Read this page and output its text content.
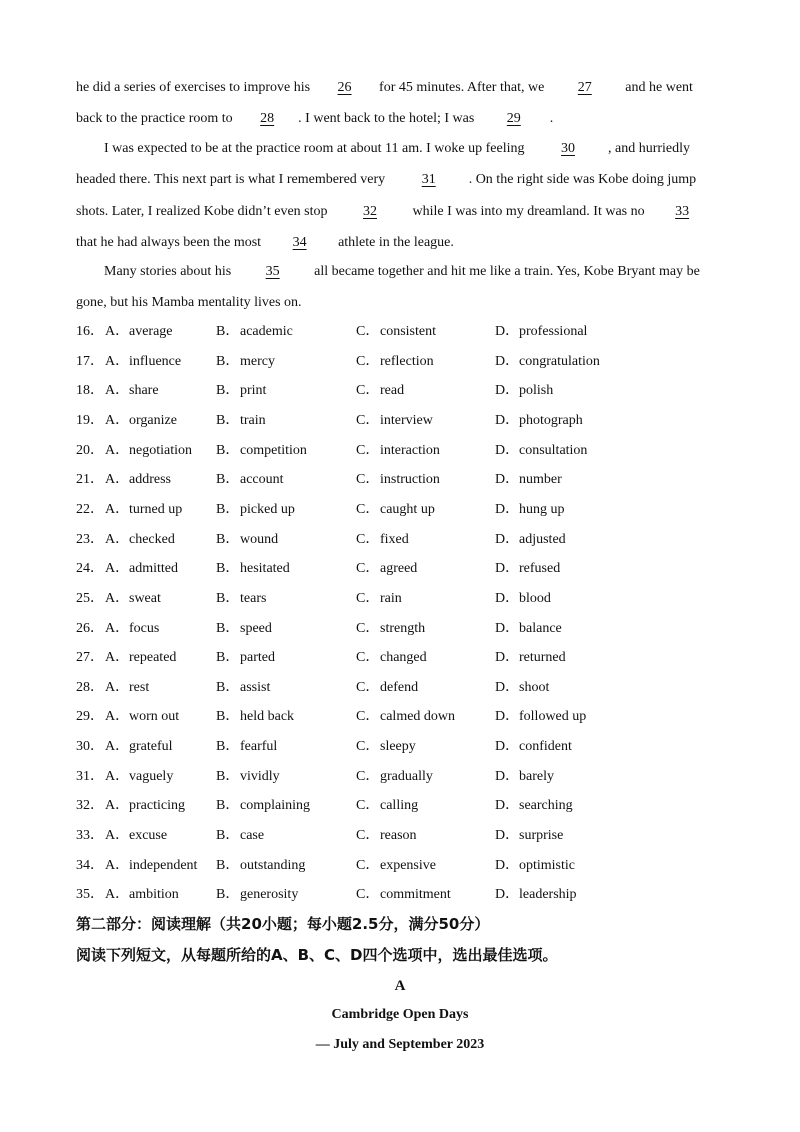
he did a series of exercises to improve his 26 for 45 minutes. After that, we 27 and he went
back to the practice room to 28 . I went back to the hotel; I was 29 .
I was expected to be at the practice room at about 11 am. I woke up feeling 30 , and hurriedly
headed there. This next part is what I remembered very 31 . On the right side was Kobe doing jump
shots. Later, I realized Kobe didn’t even stop 32 while I was into my dreamland. It was no 33
that he had always been the most 34 athlete in the league.
Many stories about his 35 all became together and hit me like a train. Yes, Kobe Bryant may be
gone, but his Mamba mentality lives on.
16． A．average	B．academic	C．consistent	D．professional
17． A．influence B．mercy	C．reflection	D．congratulation
18． A．share	B．print	C．read	D．polish
19． A．organize	B．train	C．interview	D．photograph
20． A．negotiation B．competition	C．interaction	D．consultation
21． A．address	B．account	C．instruction	D．number
22． A．turned up B．picked up	C．caught up	D．hung up
23． A．checked	B．wound	C．fixed	D．adjusted
24． A．admitted	B．hesitated	C．agreed	D．refused
25． A．sweat	B．tears	C．rain	D．blood
26． A．focus	B．speed	C．strength	D．balance
27． A．repeated	B．parted	C．changed	D．returned
28． A．rest	B．assist	C．defend	D．shoot
29． A．worn out	B．held back	C．calmed down	D．followed up
30． A．grateful	B．fearful	C．sleepy	D．confident
31． A．vaguely	B．vividly	C．gradually	D．barely
32． A．practicing B．complaining	C．calling	D．searching
33． A．excuse	B．case	C．reason	D．surprise
34． A．independent B．outstanding	C．expensive	D．optimistic
35． A．ambition	B．generosity	C．commitment	D．leadership
第二部分：阅读理解（共20小题；每小题2.5分，满分50分）
阅读下列短文，从每题所给的A、B、C、D四个选项中，选出最佳选项。
A
Cambridge Open Days
— July and September 2023
